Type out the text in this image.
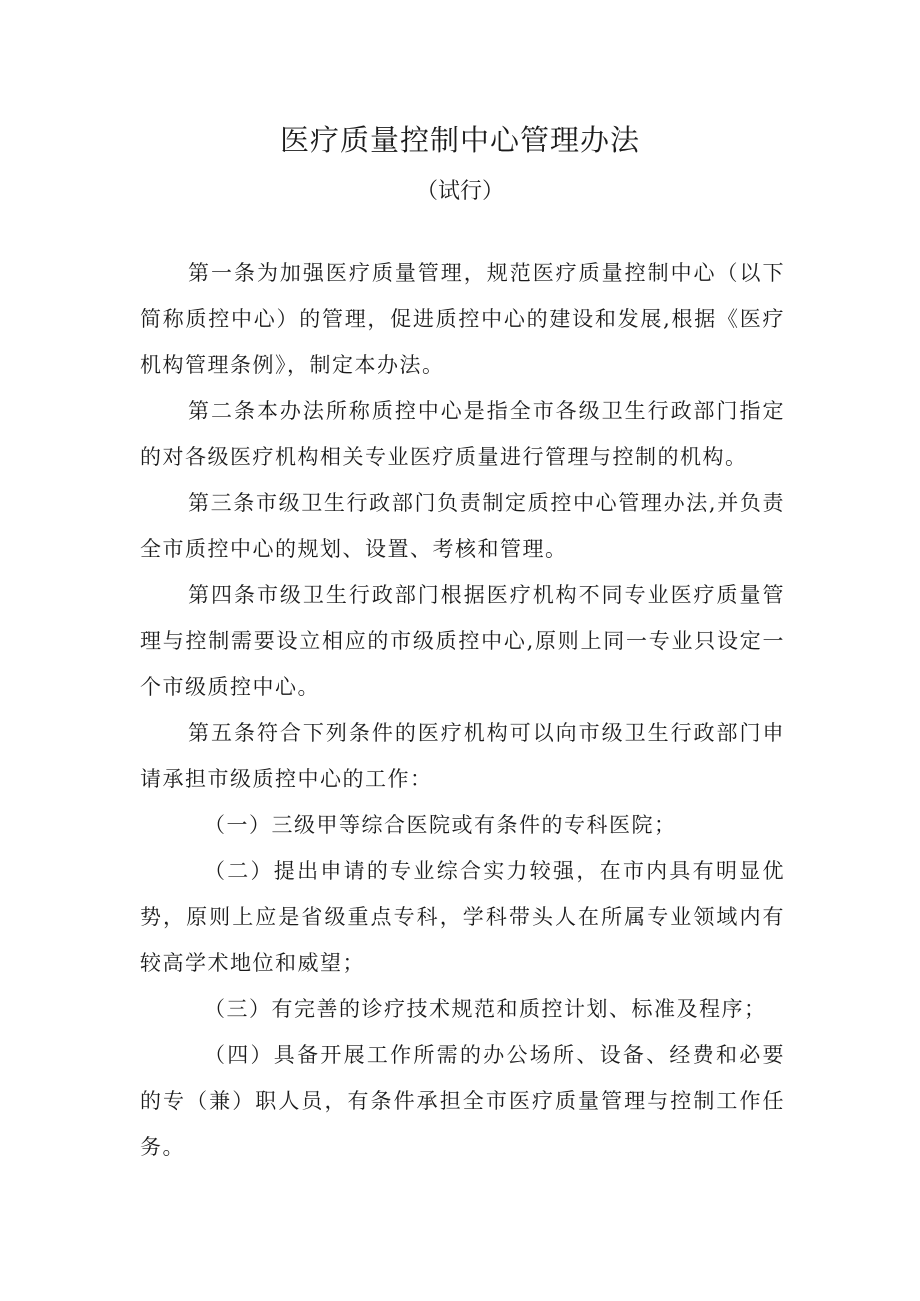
医疗质量控制中心管理办法
（试行）

第一条为加强医疗质量管理，规范医疗质量控制中心（以下简称质控中心）的管理，促进质控中心的建设和发展,根据《医疗机构管理条例》，制定本办法。

第二条本办法所称质控中心是指全市各级卫生行政部门指定的对各级医疗机构相关专业医疗质量进行管理与控制的机构。

第三条市级卫生行政部门负责制定质控中心管理办法,并负责全市质控中心的规划、设置、考核和管理。

第四条市级卫生行政部门根据医疗机构不同专业医疗质量管理与控制需要设立相应的市级质控中心,原则上同一专业只设定一个市级质控中心。

第五条符合下列条件的医疗机构可以向市级卫生行政部门申请承担市级质控中心的工作：

（一）三级甲等综合医院或有条件的专科医院；

（二）提出申请的专业综合实力较强，在市内具有明显优势，原则上应是省级重点专科，学科带头人在所属专业领域内有较高学术地位和威望；

（三）有完善的诊疗技术规范和质控计划、标准及程序；

（四）具备开展工作所需的办公场所、设备、经费和必要的专（兼）职人员，有条件承担全市医疗质量管理与控制工作任务。
